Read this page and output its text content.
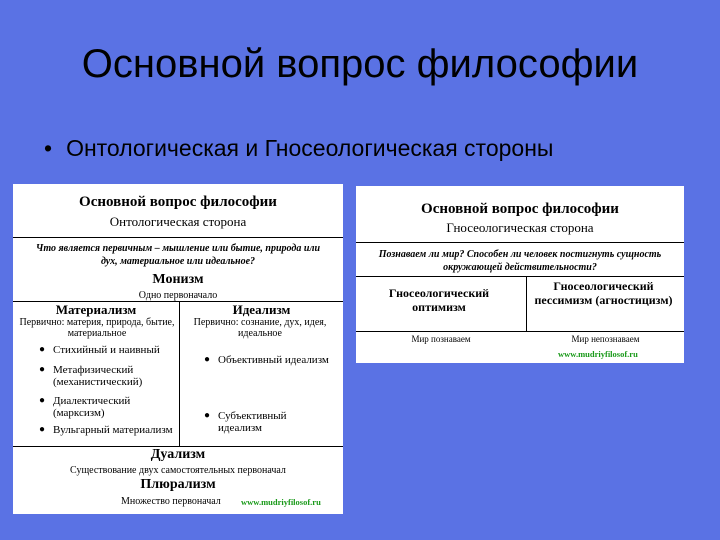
Основной вопрос философии
• Онтологическая и Гносеологическая стороны
Основной вопрос философии
Онтологическая сторона
Что является первичным – мышление или бытие, природа или дух, материальное или идеальное?
Монизм
Одно первоначало
Материализм
Первично: материя, природа, бытие, материальное
Идеализм
Первично: сознание, дух, идея, идеальное
● Стихийный и наивный
● Метафизический (механистический)
● Диалектический (марксизм)
● Вульгарный материализм
● Объективный идеализм
● Субъективный идеализм
Дуализм
Существование двух самостоятельных первоначал
Плюрализм
Множество первоначал www.mudriyfilosof.ru
Основной вопрос философии
Гносеологическая сторона
Познаваем ли мир? Способен ли человек постигнуть сущность окружающей действительности?
Гносеологический оптимизм
Гносеологический пессимизм (агностицизм)
Мир познаваем	Мир непознаваем
www.mudriyfilosof.ru
